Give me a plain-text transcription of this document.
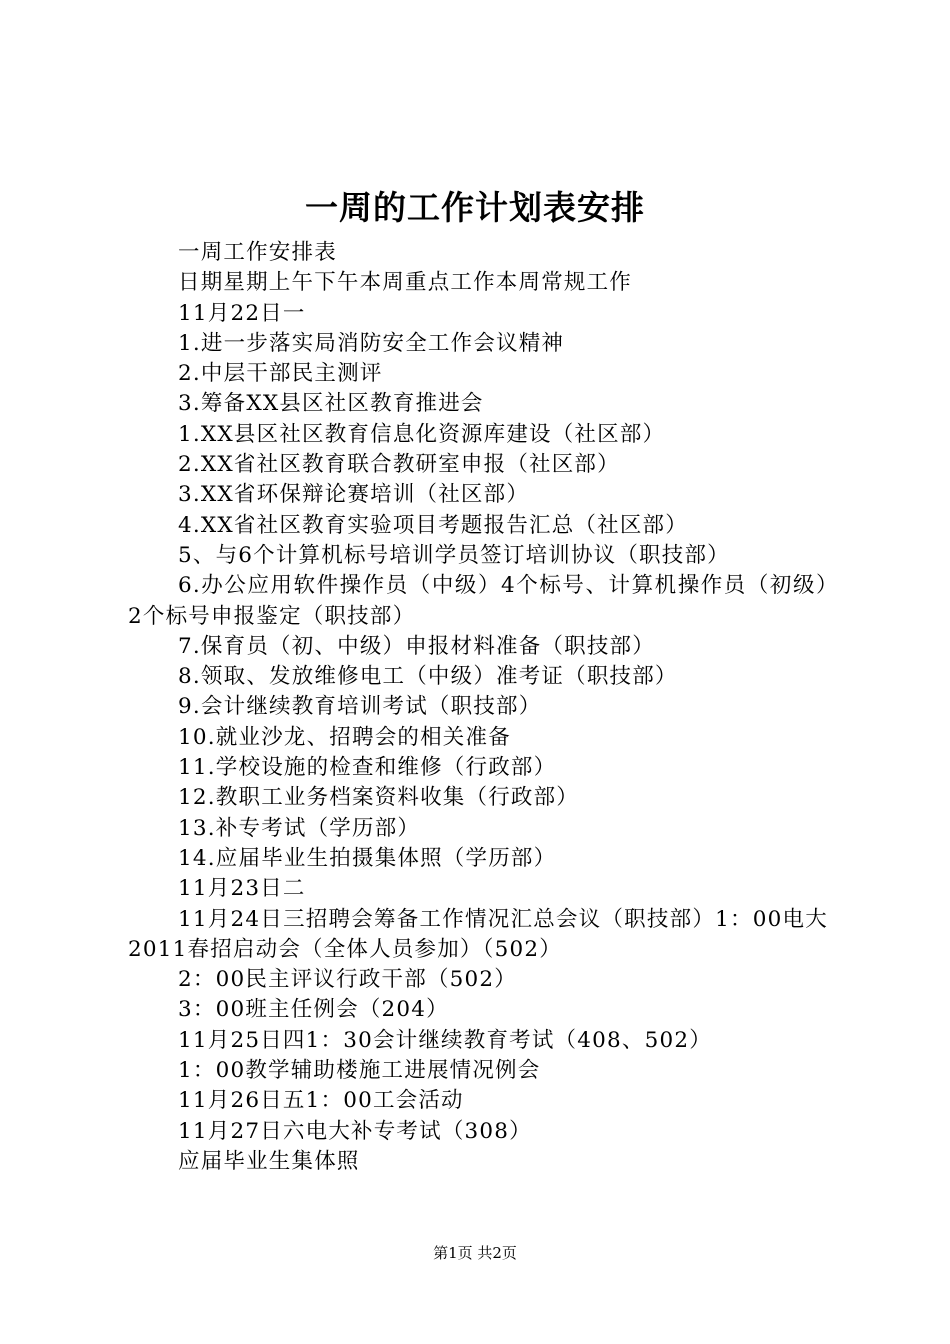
一周的工作计划表安排
一周工作安排表
日期星期上午下午本周重点工作本周常规工作
11月22日一
1.进一步落实局消防安全工作会议精神
2.中层干部民主测评
3.筹备XX县区社区教育推进会
1.XX县区社区教育信息化资源库建设（社区部）
2.XX省社区教育联合教研室申报（社区部）
3.XX省环保辩论赛培训（社区部）
4.XX省社区教育实验项目考题报告汇总（社区部）
5、与6个计算机标号培训学员签订培训协议（职技部）
6.办公应用软件操作员（中级）4个标号、计算机操作员（初级）2个标号申报鉴定（职技部）
7.保育员（初、中级）申报材料准备（职技部）
8.领取、发放维修电工（中级）准考证（职技部）
9.会计继续教育培训考试（职技部）
10.就业沙龙、招聘会的相关准备
11.学校设施的检查和维修（行政部）
12.教职工业务档案资料收集（行政部）
13.补专考试（学历部）
14.应届毕业生拍摄集体照（学历部）
11月23日二
11月24日三招聘会筹备工作情况汇总会议（职技部）1：00电大2011春招启动会（全体人员参加）（502）
2：00民主评议行政干部（502）
3：00班主任例会（204）
11月25日四1：30会计继续教育考试（408、502）
1：00教学辅助楼施工进展情况例会
11月26日五1：00工会活动
11月27日六电大补专考试（308）
应届毕业生集体照
第1页 共2页
